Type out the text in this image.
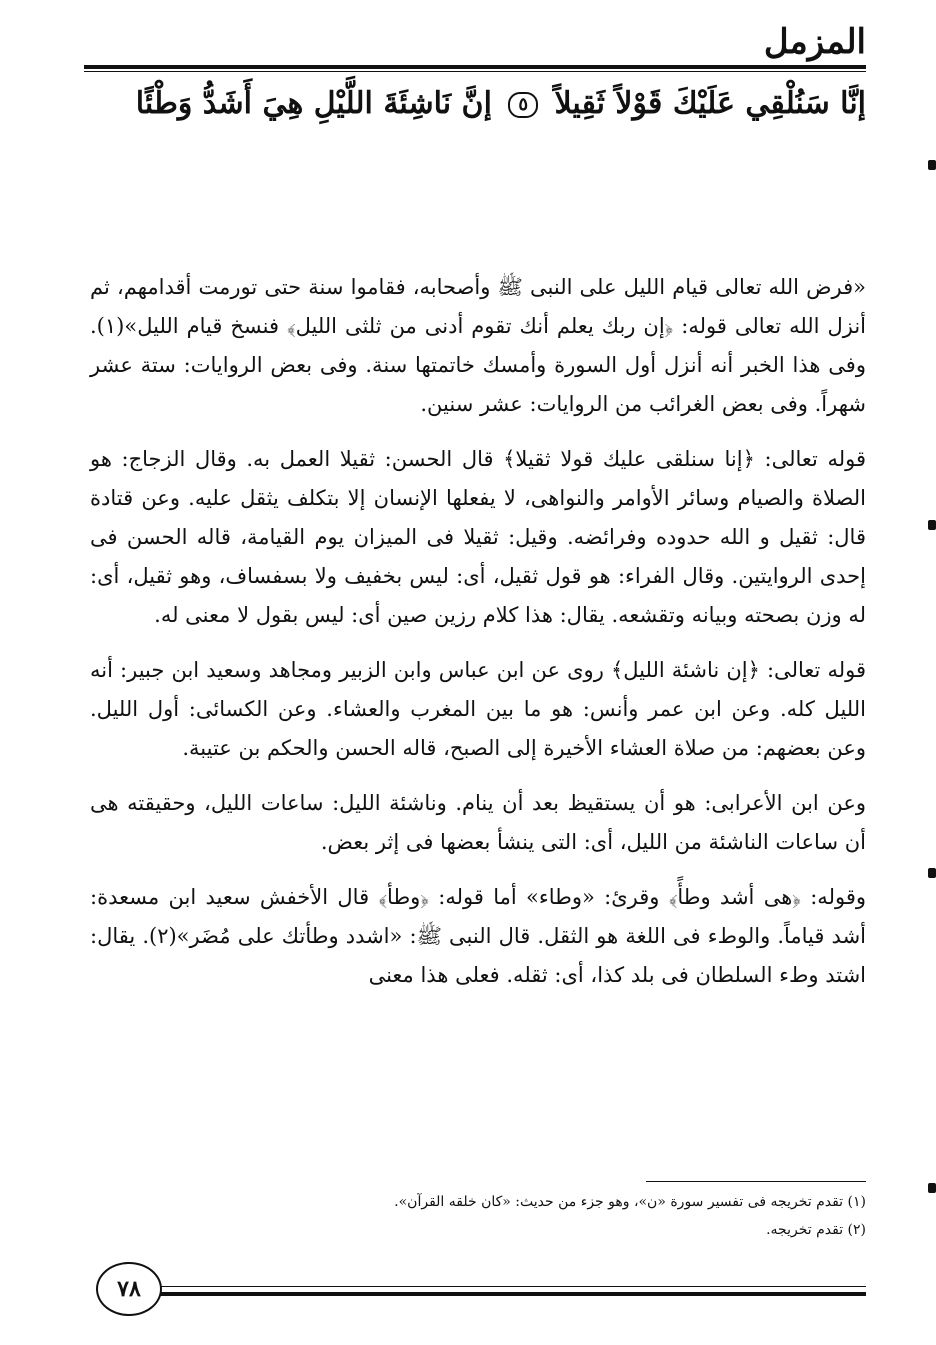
المزمل
إنَّا سَنُلْقِي عَلَيْكَ قَوْلاً ثَقِيلاً ٥ إنَّ نَاشِئَةَ اللَّيْلِ هِيَ أَشَدُّ وَطْئًا

«فرض الله تعالى قيام الليل على النبى ﷺ وأصحابه، فقاموا سنة حتى تورمت أقدامهم، ثم أنزل الله تعالى قوله: ﴿إن ربك يعلم أنك تقوم أدنى من ثلثى الليل﴾ فنسخ قيام الليل»(١). وفى هذا الخبر أنه أنزل أول السورة وأمسك خاتمتها سنة. وفى بعض الروايات: ستة عشر شهراً. وفى بعض الغرائب من الروايات: عشر سنين.

قوله تعالى: ﴿إنا سنلقى عليك قولا ثقيلا﴾ قال الحسن: ثقيلا العمل به. وقال الزجاج: هو الصلاة والصيام وسائر الأوامر والنواهى، لا يفعلها الإنسان إلا بتكلف يثقل عليه. وعن قتادة قال: ثقيل و الله حدوده وفرائضه. وقيل: ثقيلا فى الميزان يوم القيامة، قاله الحسن فى إحدى الروايتين. وقال الفراء: هو قول ثقيل، أى: ليس بخفيف ولا بسفساف، وهو ثقيل، أى: له وزن بصحته وبيانه وتقشعه. يقال: هذا كلام رزين صين أى: ليس بقول لا معنى له.

قوله تعالى: ﴿إن ناشئة الليل﴾ روى عن ابن عباس وابن الزبير ومجاهد وسعيد ابن جبير: أنه الليل كله. وعن ابن عمر وأنس: هو ما بين المغرب والعشاء. وعن الكسائى: أول الليل. وعن بعضهم: من صلاة العشاء الأخيرة إلى الصبح، قاله الحسن والحكم بن عتيبة.

وعن ابن الأعرابى: هو أن يستقيظ بعد أن ينام. وناشئة الليل: ساعات الليل، وحقيقته هى أن ساعات الناشئة من الليل، أى: التى ينشأ بعضها فى إثر بعض.

وقوله: ﴿هى أشد وطأً﴾ وقرئ: «وطاء» أما قوله: ﴿وطأ﴾ قال الأخفش سعيد ابن مسعدة: أشد قياماً. والوطء فى اللغة هو الثقل. قال النبى ﷺ: «اشدد وطأتك على مُضَر»(٢). يقال: اشتد وطء السلطان فى بلد كذا، أى: ثقله. فعلى هذا معنى

(١) تقدم تخريجه فى تفسير سورة «ن»، وهو جزء من حديث: «كان خلقه القرآن».
(٢) تقدم تخريجه.
٧٨
